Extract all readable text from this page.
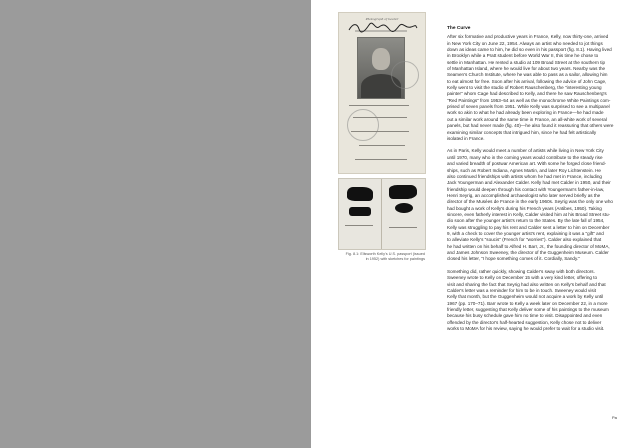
Photograph of bearer
Fig. 8.1: Ellsworth Kelly's U.S. passport (issued
in 1952) with sketches for paintings
The Curve
After six formative and productive years in France, Kelly, now thirty-one, arrived
in New York City on June 22, 1954. Always an artist who needed to jot things
down as ideas came to him, he did so even in his passport (fig. 8.1). Having lived
in Brooklyn while a Pratt student before World War II, this time he chose to
settle in Manhattan. He rented a studio at 109 Broad Street at the southern tip
of Manhattan Island, where he would live for about two years. Nearby was the
Seamen's Church Institute, where he was able to pass as a sailor, allowing him
to eat almost for free. Soon after his arrival, following the advice of John Cage,
Kelly went to visit the studio of Robert Rauschenberg, the "interesting young
painter" whom Cage had described to Kelly, and there he saw Rauschenberg's
"Red Paintings" from 1953–54 as well as the monochrome White Paintings com-
prised of seven panels from 1951. While Kelly was surprised to see a multipanel
work so akin to what he had already been exploring in France—he had made
out a similar work around the same time in France, an all-white work of several
panels, but had never made (fig. 40)—he also found it reassuring that others were
examining similar concepts that intrigued him, since he had felt artistically
isolated in France.
As in Paris, Kelly would meet a number of artists while living in New York City
until 1970, many who in the coming years would contribute to the steady rise
and varied breadth of postwar American art. With some he forged close friend-
ships, such as Robert Indiana, Agnes Martin, and later Roy Lichtenstein. He
also continued friendships with artists whom he had met in France, including
Jack Youngerman and Alexander Calder. Kelly had met Calder in 1950, and their
friendship would deepen through his contact with Youngerman's father-in-law,
Henri Seyrig, an accomplished archaeologist who later served briefly as the
director of the Musées de France in the early 1960s. Seyrig was the only one who
had bought a work of Kelly's during his French years (Antibes, 1950). Taking
sincere, even fatherly interest in Kelly, Calder visited him at his Broad Street stu-
dio soon after the younger artist's return to the States. By the late fall of 1954,
Kelly was struggling to pay his rent and Calder sent a letter to him on December
9, with a check to cover the younger artist's rent, explaining it was a "gift" and
to alleviate Kelly's "soucis" (French for "worries"). Calder also explained that
he had written on his behalf to Alfred H. Barr, Jr., the founding director of MoMA,
and James Johnson Sweeney, the director of the Guggenheim Museum. Calder
closed his letter, "I hope something comes of it. Cordially, Sandy."
Something did, rather quickly, showing Calder's sway with both directors.
Sweeney wrote to Kelly on December 15 with a very kind letter, offering to
visit and sharing the fact that Seyrig had also written on Kelly's behalf and that
Calder's letter was a reminder for him to be in touch. Sweeney would visit
Kelly that month, but the Guggenheim would not acquire a work by Kelly until
1967 (pp. 170–71). Barr wrote to Kelly a week later on December 22, in a more
friendly letter, suggesting that Kelly deliver some of his paintings to the museum
because his busy schedule gave him no time to visit. Disappointed and even
offended by the director's half-hearted suggestion, Kelly chose not to deliver
works to MoMA for his review, saying he would prefer to wait for a studio visit.
Pa
